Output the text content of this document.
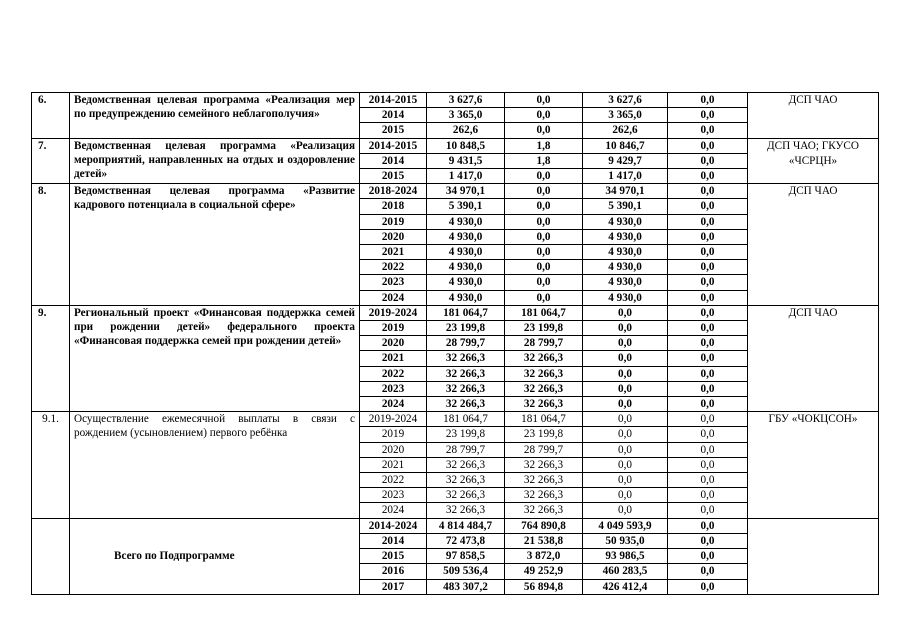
6.	Ведомственная целевая программа «Реализация мер по предупреждению семейного неблагополучия»	2014-2015	3 627,6	0,0	3 627,6	0,0	ДСП ЧАО
		2014	3 365,0	0,0	3 365,0	0,0	
		2015	262,6	0,0	262,6	0,0	
7.	Ведомственная целевая программа «Реализация мероприятий, направленных на отдых и оздоровление детей»	2014-2015	10 848,5	1,8	10 846,7	0,0	ДСП ЧАО; ГКУСО «ЧСРЦН»
		2014	9 431,5	1,8	9 429,7	0,0	
		2015	1 417,0	0,0	1 417,0	0,0	
8.	Ведомственная целевая программа «Развитие кадрового потенциала в социальной сфере»	2018-2024	34 970,1	0,0	34 970,1	0,0	ДСП ЧАО
		2018	5 390,1	0,0	5 390,1	0,0	
		2019	4 930,0	0,0	4 930,0	0,0	
		2020	4 930,0	0,0	4 930,0	0,0	
		2021	4 930,0	0,0	4 930,0	0,0	
		2022	4 930,0	0,0	4 930,0	0,0	
		2023	4 930,0	0,0	4 930,0	0,0	
		2024	4 930,0	0,0	4 930,0	0,0	
9.	Региональный проект «Финансовая поддержка семей при рождении детей» федерального проекта «Финансовая поддержка семей при рождении детей»	2019-2024	181 064,7	181 064,7	0,0	0,0	ДСП ЧАО
		2019	23 199,8	23 199,8	0,0	0,0	
		2020	28 799,7	28 799,7	0,0	0,0	
		2021	32 266,3	32 266,3	0,0	0,0	
		2022	32 266,3	32 266,3	0,0	0,0	
		2023	32 266,3	32 266,3	0,0	0,0	
		2024	32 266,3	32 266,3	0,0	0,0	
9.1.	Осуществление ежемесячной выплаты в связи с рождением (усыновлением) первого ребёнка	2019-2024	181 064,7	181 064,7	0,0	0,0	ГБУ «ЧОКЦСОН»
		2019	23 199,8	23 199,8	0,0	0,0	
		2020	28 799,7	28 799,7	0,0	0,0	
		2021	32 266,3	32 266,3	0,0	0,0	
		2022	32 266,3	32 266,3	0,0	0,0	
		2023	32 266,3	32 266,3	0,0	0,0	
		2024	32 266,3	32 266,3	0,0	0,0	
	Всего по Подпрограмме	2014-2024	4 814 484,7	764 890,8	4 049 593,9	0,0	
		2014	72 473,8	21 538,8	50 935,0	0,0	
		2015	97 858,5	3 872,0	93 986,5	0,0	
		2016	509 536,4	49 252,9	460 283,5	0,0	
		2017	483 307,2	56 894,8	426 412,4	0,0	
